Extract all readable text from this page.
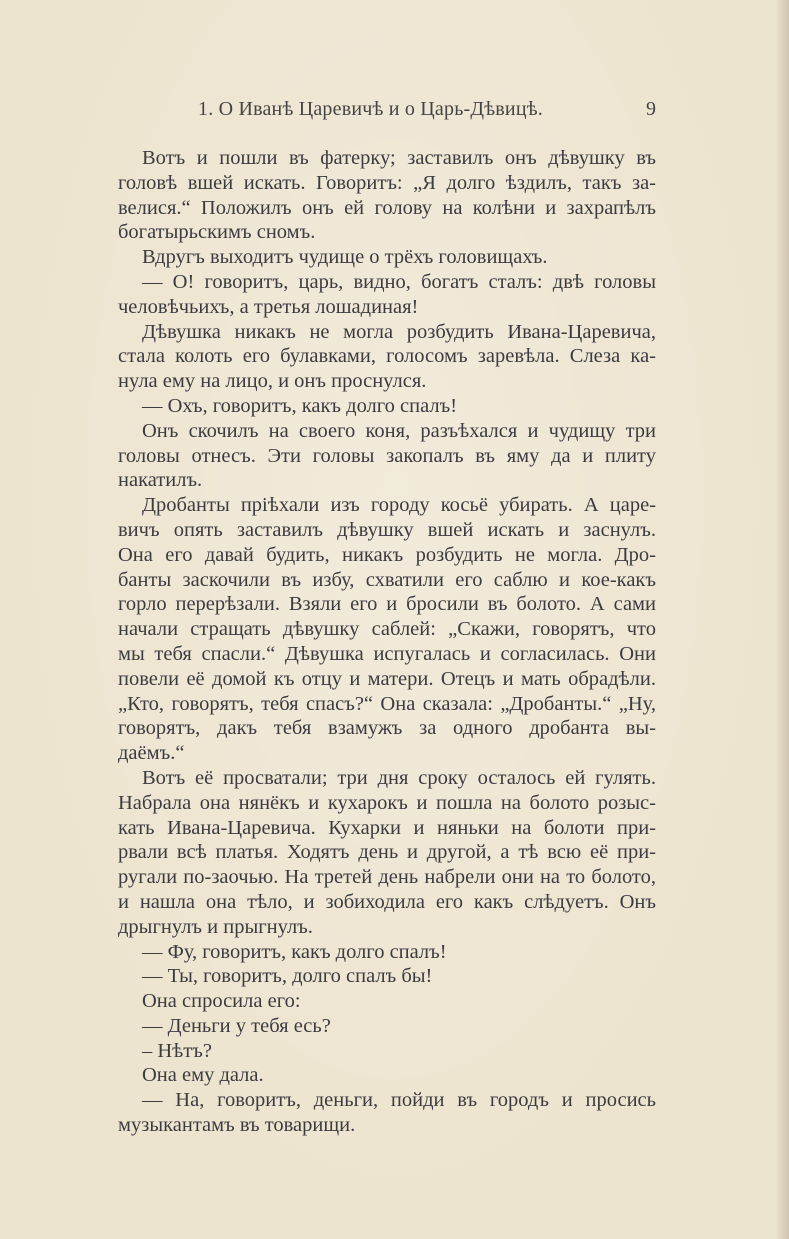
1. О Иванѣ Царевичѣ и о Царь-Дѣвицѣ.	9

Вотъ и пошли въ фатерку; заставилъ онъ дѣвушку въ
головѣ вшей искать. Говоритъ: „Я долго ѣздилъ, такъ за-
велися.“ Положилъ онъ ей голову на колѣни и захрапѣлъ
богатырьскимъ сномъ.

Вдругъ выходитъ чудище о трёхъ головищахъ.

— О! говоритъ, царь, видно, богатъ сталъ: двѣ головы
человѣчьихъ, а третья лошадиная!

Дѣвушка никакъ не могла розбудить Ивана-Царевича,
стала колоть его булавками, голосомъ заревѣла. Слеза ка-
нула ему на лицо, и онъ проснулся.

— Охъ, говоритъ, какъ долго спалъ!

Онъ скочилъ на своего коня, разъѣхался и чудищу три
головы отнесъ. Эти головы закопалъ въ яму да и плиту
накатилъ.

Дробанты пріѣхали изъ городу косьё убирать. А царе-
вичъ опять заставилъ дѣвушку вшей искать и заснулъ.
Она его давай будить, никакъ розбудить не могла. Дро-
банты заскочили въ избу, схватили его саблю и кое-какъ
горло перерѣзали. Взяли его и бросили въ болото. А сами
начали стращать дѣвушку саблей: „Скажи, говорятъ, что
мы тебя спасли.“ Дѣвушка испугалась и согласилась. Они
повели её домой къ отцу и матери. Отецъ и мать обрадѣли.
„Кто, говорятъ, тебя спасъ?“ Она сказала: „Дробанты.“ „Ну,
говорятъ, дакъ тебя взамужъ за одного дробанта вы-
даёмъ.“

Вотъ её просватали; три дня сроку осталось ей гулять.
Набрала она нянёкъ и кухарокъ и пошла на болото розыс-
кать Ивана-Царевича. Кухарки и няньки на болоти при-
рвали всѣ платья. Ходятъ день и другой, а тѣ всю её при-
ругали по-заочью. На третей день набрели они на то болото,
и нашла она тѣло, и зобиходила его какъ слѣдуетъ. Онъ
дрыгнулъ и прыгнулъ.

— Фу, говоритъ, какъ долго спалъ!

— Ты, говоритъ, долго спалъ бы!

Она спросила его:

— Деньги у тебя есь?

– Нѣтъ?

Она ему дала.

— На, говоритъ, деньги, пойди въ городъ и просись
музыкантамъ въ товарищи.
